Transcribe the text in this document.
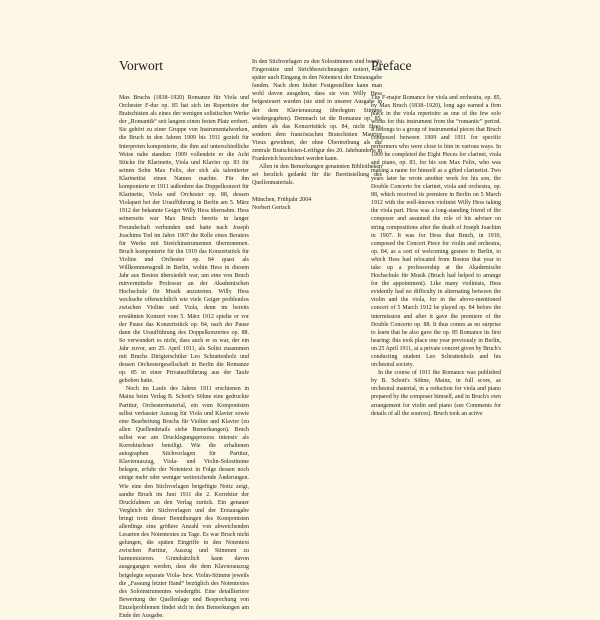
Vorwort

Max Bruchs (1838–1920) Romanze für Viola und Orchester F-dur op. 85 hat sich im Repertoire der Bratschisten als eines der wenigen solistischen Werke der „Romantik“ seit langem einen festen Platz erobert. Sie gehört zu einer Gruppe von Instrumentalwerken, die Bruch in den Jahren 1909 bis 1911 gezielt für Interpreten komponierte, die ihm auf unterschiedliche Weise nahe standen: 1909 vollendete er die Acht Stücke für Klarinette, Viola und Klavier op. 83 für seinen Sohn Max Felix, der sich als talentierter Klarinettist einen Namen machte. Für ihn komponierte er 1911 außerdem das Doppelkonzert für Klarinette, Viola und Orchester op. 88, dessen Violapart bei der Uraufführung in Berlin am 5. März 1912 der bekannte Geiger Willy Hess übernahm. Hess seinerseits war Max Bruch bereits in langer Freundschaft verbunden und hatte nach Joseph Joachims Tod im Jahre 1907 die Rolle eines Beraters für Werke mit Streichinstrumenten übernommen. Bruch komponierte für ihn 1910 das Konzertstück für Violine und Orchester op. 84 quasi als Willkommensgruß in Berlin, wohin Hess in diesem Jahr aus Boston übersiedelt war, um eine von Bruch mitvermittelte Professur an der Akademischen Hochschule für Musik anzutreten. Willy Hess wechselte offensichtlich wie viele Geiger problemlos zwischen Violine und Viola, denn im bereits erwähnten Konzert vom 5. März 1912 spielte er vor der Pause das Konzertstück op. 84, nach der Pause dann die Uraufführung des Doppelkonzertes op. 88. So verwundert es nicht, dass auch er es war, der ein Jahr zuvor, am 25. April 1911, als Solist zusammen mit Bruchs Dirigierschüler Leo Schrattenholz und dessen Orchestergesellschaft in Berlin die Romanze op. 85 in einer Privataufführung aus der Taufe gehoben hatte.

Noch im Laufe des Jahres 1911 erschienen in Mainz beim Verlag B. Schott's Söhne eine gedruckte Partitur, Orchestermaterial, ein vom Komponisten selbst verfasster Auszug für Viola und Klavier sowie eine Bearbeitung Bruchs für Violine und Klavier (zu allen Quellendetails siehe Bemerkungen). Bruch selbst war am Drucklegungsprozess intensiv als Korrekturleser beteiligt. Wie die erhaltenen autographen Stichvorlagen für Partitur, Klavierauszug, Viola- und Violin-Solostimme belegen, erfuhr der Notentext in Folge dessen noch einige mehr oder weniger weitreichende Änderungen. Wie eine den Stichvorlagen beigefügte Notiz zeigt, sandte Bruch im Juni 1911 die 2. Korrektur der Druckfahnen an den Verlag zurück. Ein genauer Vergleich der Stichvorlagen und der Erstausgabe bringt trotz dieser Bemühungen des Komponisten allerdings eine größere Anzahl von abweichenden Lesarten des Notentextes zu Tage. Es war Bruch nicht gelungen, die späten Eingriffe in den Notentext zwischen Partitur, Auszug und Stimmen zu harmonisieren. Grundsätzlich kann davon ausgegangen werden, dass die dem Klavierauszug beigelegte separate Viola- bzw. Violin-Stimme jeweils die „Fassung letzter Hand“ bezüglich des Notentextes des Soloinstrumentes wiedergibt. Eine detailliertere Bewertung der Quellenlage und Besprechung von Einzelproblemen findet sich in den Bemerkungen am Ende der Ausgabe.

In den Stichvorlagen zu den Solostimmen sind bereits Fingersätze und Strichbezeichnungen notiert, die später auch Eingang in den Notentext der Erstausgabe fanden. Nach dem bisher Festgestellten kann man wohl davon ausgehen, dass sie von Willy Hess beigesteuert wurden (sie sind in unserer Ausgabe in der dem Klavierauszug überlegten Stimme wiedergegeben). Demnach ist die Romanze op. 85, anders als das Konzertstück op. 84, nicht Hess, sondern dem französischen Bratschisten Maurice Vieux gewidmet, der ohne Übertreibung als die zentrale Bratschisten-Leitfigur des 20. Jahrhunderts in Frankreich bezeichnet werden kann.

Allen in den Bemerkungen genannten Bibliotheken sei herzlich gedankt für die Bereitstellung des Quellenmaterials.

München, Frühjahr 2004

Norbert Gertsch

Preface

The F-major Romance for viola and orchestra, op. 85, by Max Bruch (1838–1920), long ago earned a firm place in the viola repertoire as one of the few solo works for this instrument from the “romantic” period. It belongs to a group of instrumental pieces that Bruch composed between 1909 and 1911 for specific performers who were close to him in various ways. In 1909 he completed the Eight Pieces for clarinet, viola and piano, op. 83, for his son Max Felix, who was making a name for himself as a gifted clarinetist. Two years later he wrote another work for his son, the Double Concerto for clarinet, viola and orchestra, op. 88, which received its premiere in Berlin on 5 March 1912 with the well-known violinist Willy Hess taking the viola part. Hess was a long-standing friend of the composer and assumed the role of his adviser on string compositions after the death of Joseph Joachim in 1907. It was for Hess that Bruch, in 1910, composed the Concert Piece for violin and orchestra, op. 84, as a sort of welcoming gesture to Berlin, to which Hess had relocated from Boston that year to take up a professorship at the Akademische Hochschule für Musik (Bruch had helped to arrange for the appointment). Like many violinists, Hess evidently had no difficulty in alternating between the violin and the viola, for in the above-mentioned concert of 5 March 1912 he played op. 84 before the intermission and after it gave the premiere of the Double Concerto op. 88. It thus comes as no surprise to learn that he also gave the op. 85 Romance its first hearing: this took place one year previously in Berlin, on 25 April 1911, at a private concert given by Bruch's conducting student Leo Schrattenholz and his orchestral society.

In the course of 1911 the Romance was published by B. Schott's Söhne, Mainz, in full score, as orchestral material, in a reduction for viola and piano prepared by the composer himself, and in Bruch's own arrangement for violin and piano (see Comments for details of all the sources). Bruch took an active
